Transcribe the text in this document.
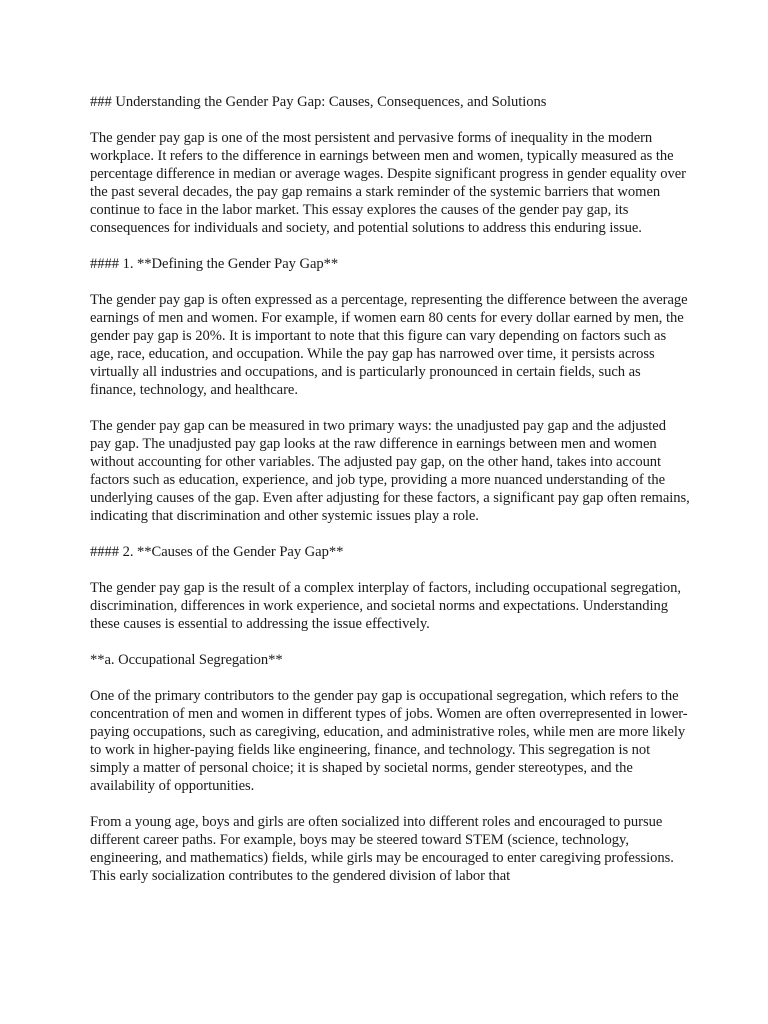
### Understanding the Gender Pay Gap: Causes, Consequences, and Solutions

The gender pay gap is one of the most persistent and pervasive forms of inequality in the modern workplace. It refers to the difference in earnings between men and women, typically measured as the percentage difference in median or average wages. Despite significant progress in gender equality over the past several decades, the pay gap remains a stark reminder of the systemic barriers that women continue to face in the labor market. This essay explores the causes of the gender pay gap, its consequences for individuals and society, and potential solutions to address this enduring issue.

#### 1. **Defining the Gender Pay Gap**

The gender pay gap is often expressed as a percentage, representing the difference between the average earnings of men and women. For example, if women earn 80 cents for every dollar earned by men, the gender pay gap is 20%. It is important to note that this figure can vary depending on factors such as age, race, education, and occupation. While the pay gap has narrowed over time, it persists across virtually all industries and occupations, and is particularly pronounced in certain fields, such as finance, technology, and healthcare.

The gender pay gap can be measured in two primary ways: the unadjusted pay gap and the adjusted pay gap. The unadjusted pay gap looks at the raw difference in earnings between men and women without accounting for other variables. The adjusted pay gap, on the other hand, takes into account factors such as education, experience, and job type, providing a more nuanced understanding of the underlying causes of the gap. Even after adjusting for these factors, a significant pay gap often remains, indicating that discrimination and other systemic issues play a role.

#### 2. **Causes of the Gender Pay Gap**

The gender pay gap is the result of a complex interplay of factors, including occupational segregation, discrimination, differences in work experience, and societal norms and expectations. Understanding these causes is essential to addressing the issue effectively.

**a. Occupational Segregation**

One of the primary contributors to the gender pay gap is occupational segregation, which refers to the concentration of men and women in different types of jobs. Women are often overrepresented in lower-paying occupations, such as caregiving, education, and administrative roles, while men are more likely to work in higher-paying fields like engineering, finance, and technology. This segregation is not simply a matter of personal choice; it is shaped by societal norms, gender stereotypes, and the availability of opportunities.

From a young age, boys and girls are often socialized into different roles and encouraged to pursue different career paths. For example, boys may be steered toward STEM (science, technology, engineering, and mathematics) fields, while girls may be encouraged to enter caregiving professions. This early socialization contributes to the gendered division of labor that
